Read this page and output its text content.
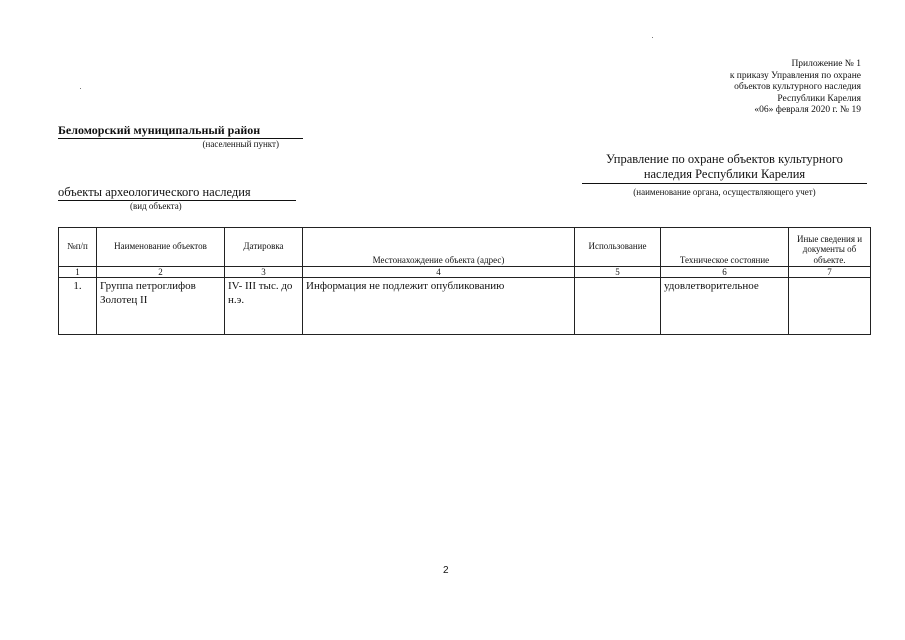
Приложение № 1
к приказу Управления по охране
объектов культурного наследия
Республики Карелия
«06» февраля 2020 г. № 19
Беломорский муниципальный район
(населенный пункт)
Управление по охране объектов культурного
наследия Республики Карелия
(наименование органа, осуществляющего учет)
объекты археологического наследия
(вид объекта)
№п/п	Наименование объектов	Датировка	Местонахождение объекта (адрес)	Использование	Техническое состояние	Иные сведения и документы об объекте.
1	2	3	4	5	6	7
1.	Группа петроглифов Золотец II	IV- III тыс. до н.э.	Информация не подлежит опубликованию		удовлетворительное	
2
